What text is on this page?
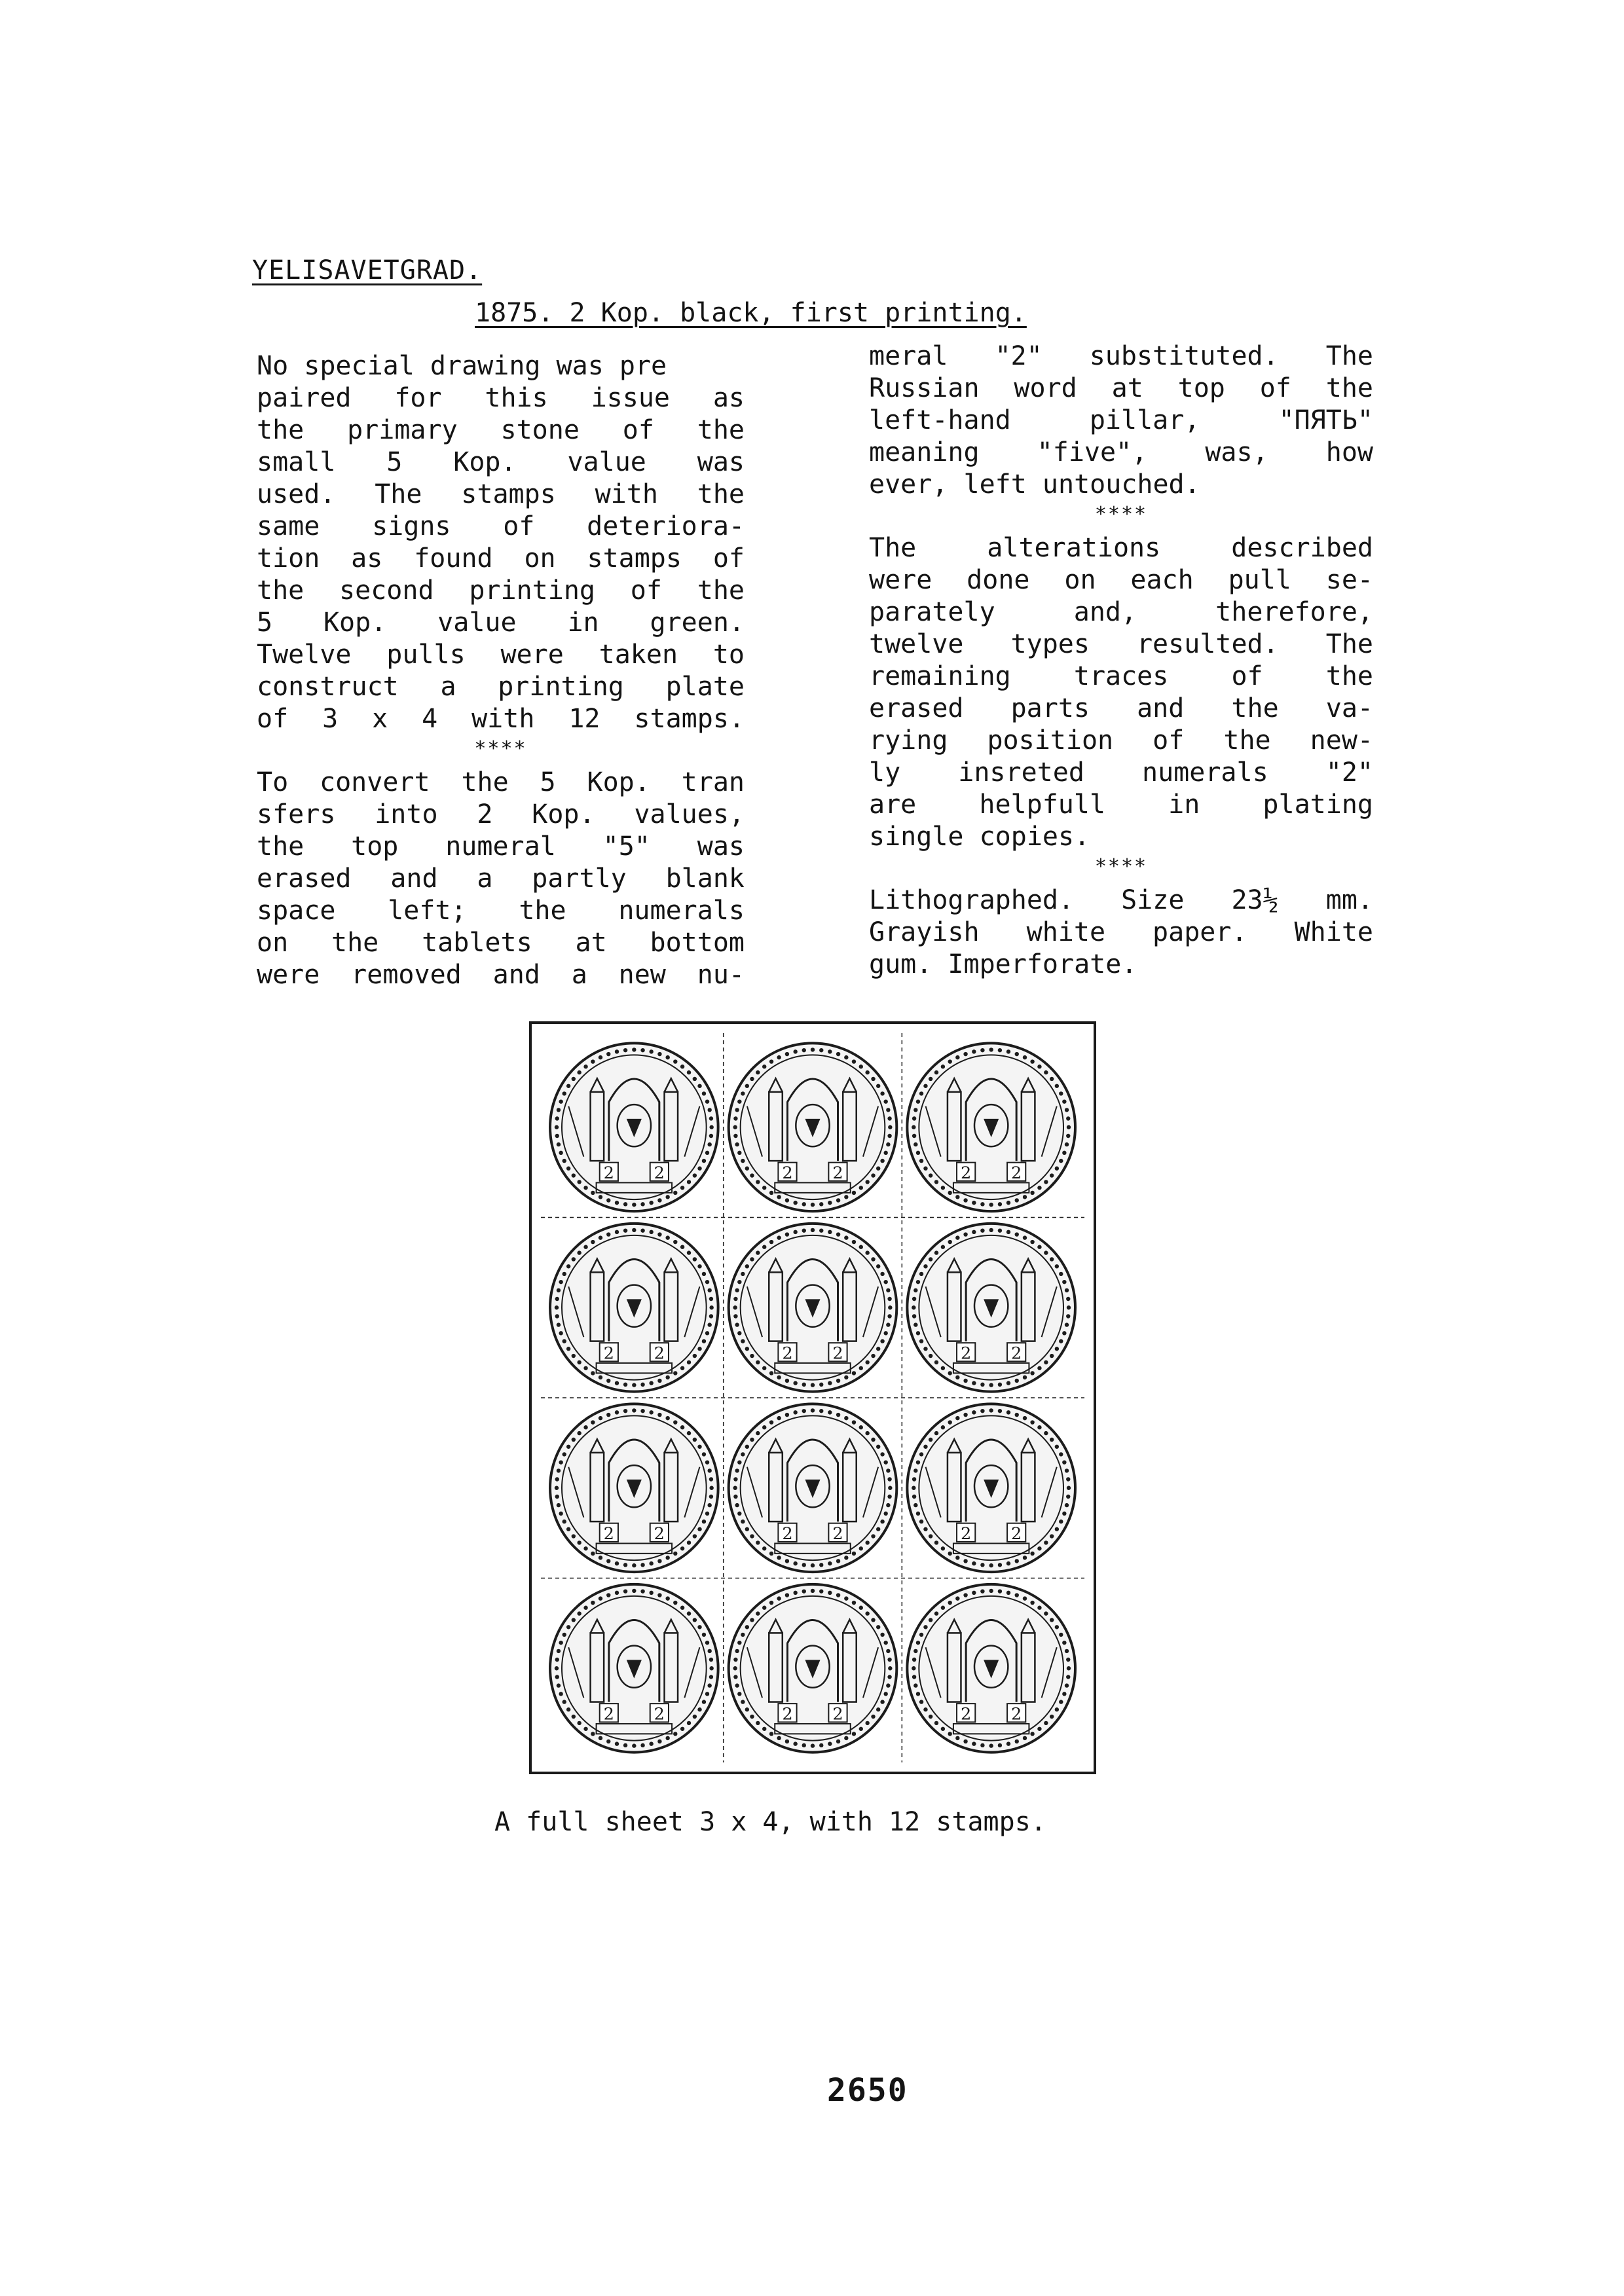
YELISAVETGRAD.
1875. 2 Kop. black, first printing.
No special drawing was pre
paired for this issue as
the primary stone of the
small 5 Kop. value was
used. The stamps with the
same signs of deteriora-
tion as found on stamps of
the second printing of the
5 Kop. value in green.
Twelve pulls were taken to
construct a printing plate
of 3 x 4 with 12 stamps.
****
To convert the 5 Kop. tran
sfers into 2 Kop. values,
the top numeral "5" was
erased and a partly blank
space left; the numerals
on the tablets at bottom
were removed and a new nu-
meral "2" substituted. The
Russian word at top of the
left-hand pillar, "ПЯТЬ"
meaning "five", was, how
ever, left untouched.
****
The alterations described
were done on each pull se-
parately and, therefore,
twelve types resulted. The
remaining traces of the
erased parts and the va-
rying position of the new-
ly insreted numerals "2"
are helpfull in plating
single copies.
****
Lithographed. Size 23½ mm.
Grayish white paper. White
gum. Imperforate.
2 2	2 2	2 2
2 2	2 2	2 2
2 2	2 2	2 2
2 2	2 2	2 2
A full sheet 3 x 4, with 12 stamps.
2650
